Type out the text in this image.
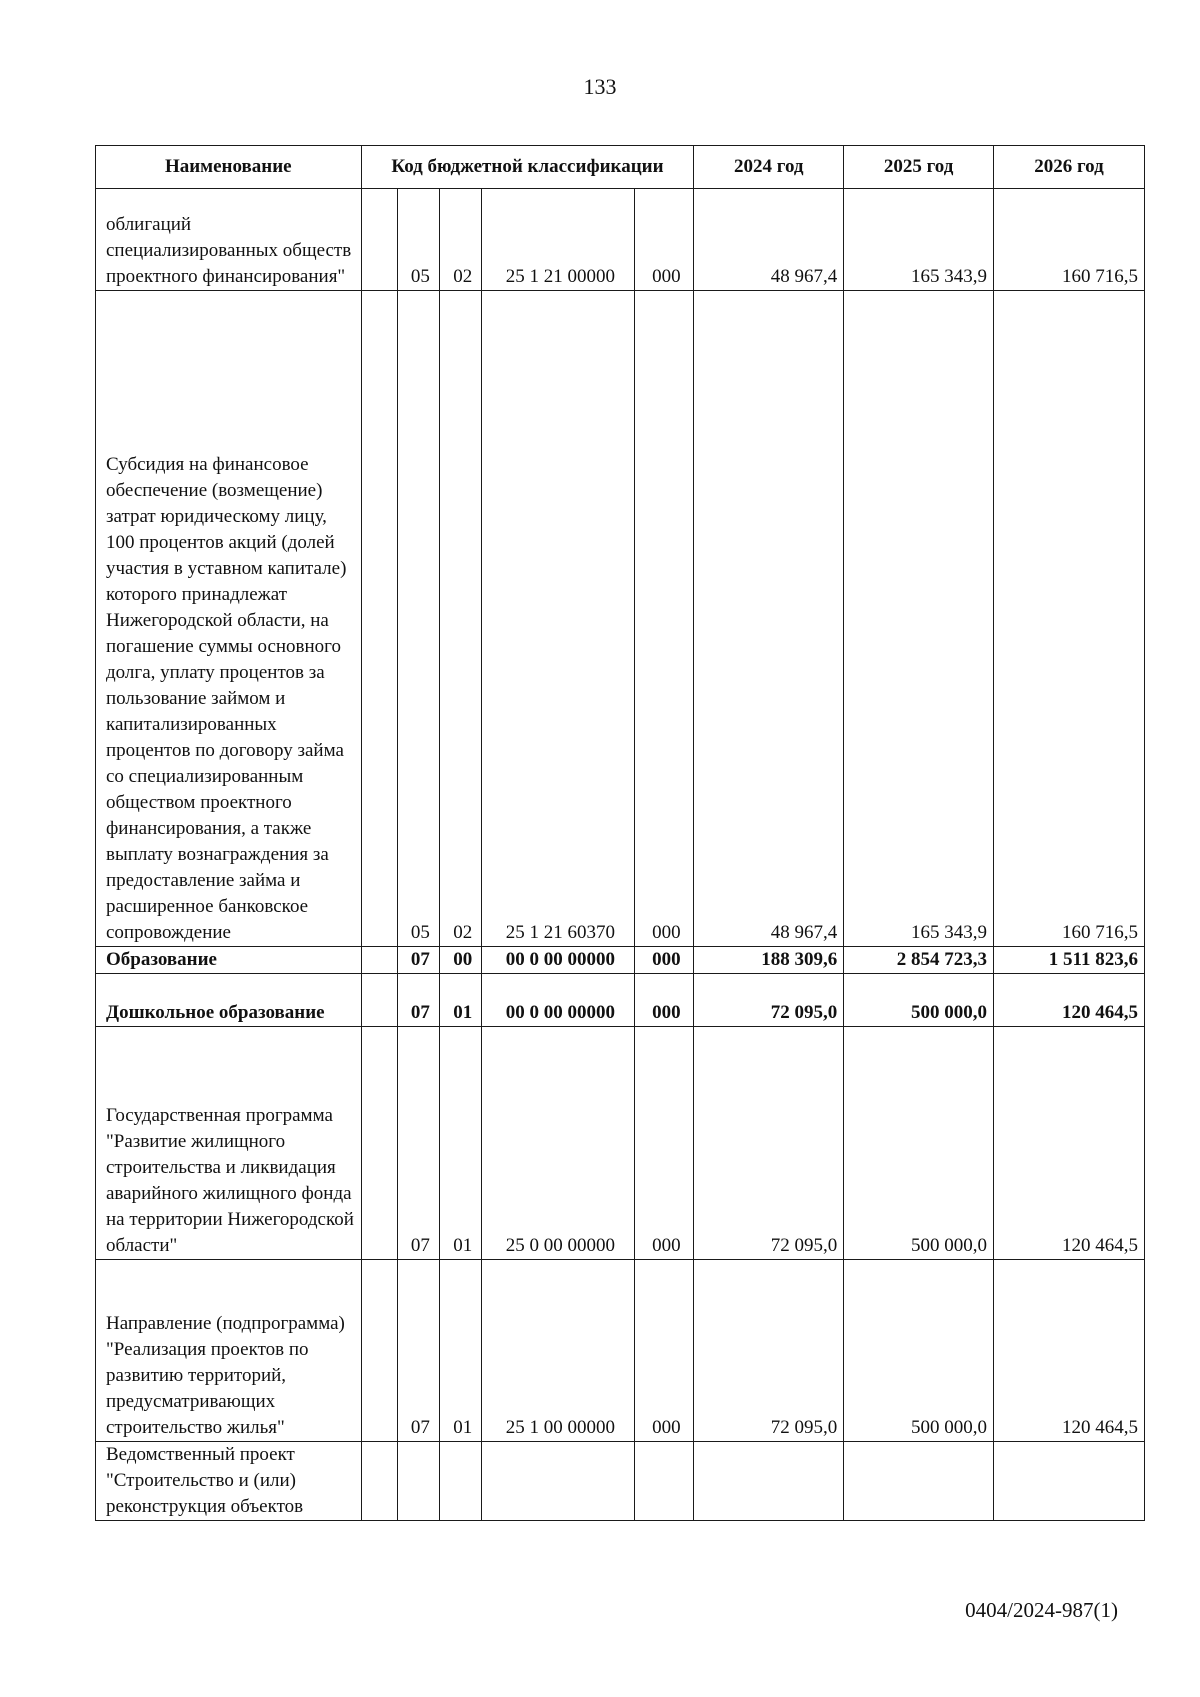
133
Наименование	Код бюджетной классификации					2024 год	2025 год	2026 год
облигаций специализированных обществ проектного финансирования"		05	02	25 1 21 00000	000	48 967,4	165 343,9	160 716,5
Субсидия на финансовое обеспечение (возмещение) затрат юридическому лицу, 100 процентов акций (долей участия в уставном капитале) которого принадлежат Нижегородской области, на погашение суммы основного долга, уплату процентов за пользование займом и капитализированных процентов по договору займа со специализированным обществом проектного финансирования, а также выплату вознаграждения за предоставление займа и расширенное банковское сопровождение		05	02	25 1 21 60370	000	48 967,4	165 343,9	160 716,5
Образование		07	00	00 0 00 00000	000	188 309,6	2 854 723,3	1 511 823,6
Дошкольное образование		07	01	00 0 00 00000	000	72 095,0	500 000,0	120 464,5
Государственная программа "Развитие жилищного строительства и ликвидация аварийного жилищного фонда на территории Нижегородской области"		07	01	25 0 00 00000	000	72 095,0	500 000,0	120 464,5
Направление (подпрограмма) "Реализация проектов по развитию территорий, предусматривающих строительство жилья"		07	01	25 1 00 00000	000	72 095,0	500 000,0	120 464,5
Ведомственный проект "Строительство и (или) реконструкция объектов								
0404/2024-987(1)
